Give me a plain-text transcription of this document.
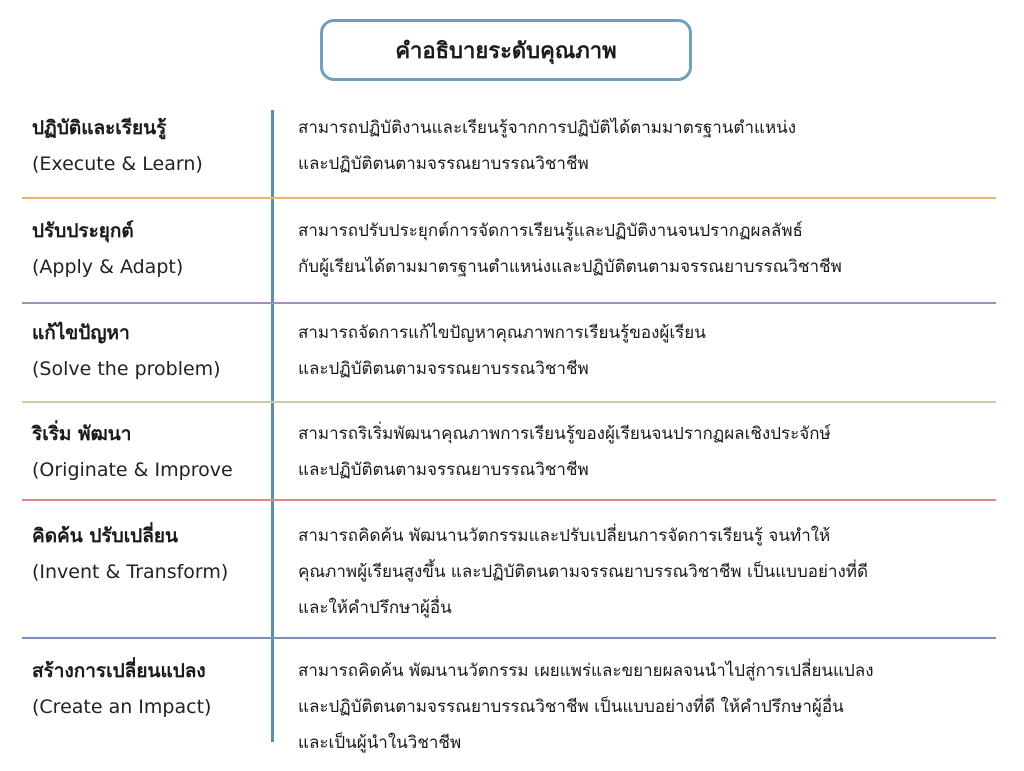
คำอธิบายระดับคุณภาพ
ปฏิบัติและเรียนรู้
(Execute & Learn)
สามารถปฏิบัติงานและเรียนรู้จากการปฏิบัติได้ตามมาตรฐานตำแหน่ง
และปฏิบัติตนตามจรรณยาบรรณวิชาชีพ
ปรับประยุกต์
(Apply & Adapt)
สามารถปรับประยุกต์การจัดการเรียนรู้และปฏิบัติงานจนปรากฏผลลัพธ์
กับผู้เรียนได้ตามมาตรฐานตำแหน่งและปฏิบัติตนตามจรรณยาบรรณวิชาชีพ
แก้ไขปัญหา
(Solve the problem)
สามารถจัดการแก้ไขปัญหาคุณภาพการเรียนรู้ของผู้เรียน
และปฏิบัติตนตามจรรณยาบรรณวิชาชีพ
ริเริ่ม พัฒนา
(Originate & Improve
สามารถริเริ่มพัฒนาคุณภาพการเรียนรู้ของผู้เรียนจนปรากฏผลเชิงประจักษ์
และปฏิบัติตนตามจรรณยาบรรณวิชาชีพ
คิดค้น ปรับเปลี่ยน
(Invent & Transform)
สามารถคิดค้น พัฒนานวัตกรรมและปรับเปลี่ยนการจัดการเรียนรู้ จนทำให้
คุณภาพผู้เรียนสูงขึ้น และปฏิบัติตนตามจรรณยาบรรณวิชาชีพ เป็นแบบอย่างที่ดี
และให้คำปรึกษาผู้อื่น
สร้างการเปลี่ยนแปลง
(Create an Impact)
สามารถคิดค้น พัฒนานวัตกรรม เผยแพร่และขยายผลจนนำไปสู่การเปลี่ยนแปลง
และปฏิบัติตนตามจรรณยาบรรณวิชาชีพ เป็นแบบอย่างที่ดี ให้คำปรึกษาผู้อื่น
และเป็นผู้นำในวิชาชีพ
